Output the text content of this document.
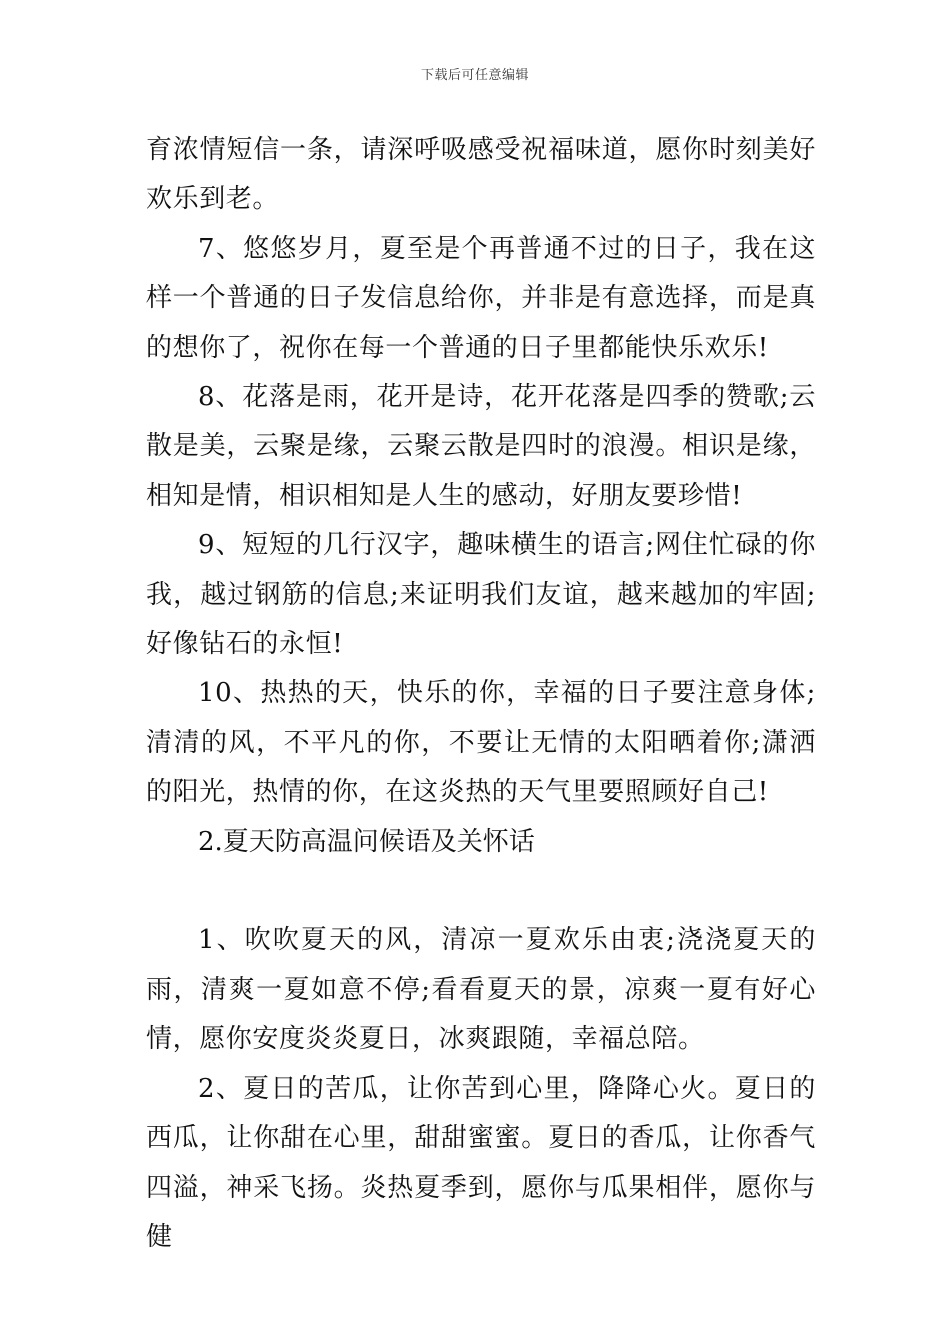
下载后可任意编辑

育浓情短信一条，请深呼吸感受祝福味道，愿你时刻美好欢乐到老。

7、悠悠岁月，夏至是个再普通不过的日子，我在这样一个普通的日子发信息给你，并非是有意选择，而是真的想你了，祝你在每一个普通的日子里都能快乐欢乐!

8、花落是雨，花开是诗，花开花落是四季的赞歌;云散是美，云聚是缘，云聚云散是四时的浪漫。相识是缘，相知是情，相识相知是人生的感动，好朋友要珍惜!

9、短短的几行汉字，趣味横生的语言;网住忙碌的你我，越过钢筋的信息;来证明我们友谊，越来越加的牢固;好像钻石的永恒!

10、热热的天，快乐的你，幸福的日子要注意身体;清清的风，不平凡的你，不要让无情的太阳晒着你;潇洒的阳光，热情的你，在这炎热的天气里要照顾好自己!

2.夏天防高温问候语及关怀话

1、吹吹夏天的风，清凉一夏欢乐由衷;浇浇夏天的雨，清爽一夏如意不停;看看夏天的景，凉爽一夏有好心情，愿你安度炎炎夏日，冰爽跟随，幸福总陪。

2、夏日的苦瓜，让你苦到心里，降降心火。夏日的西瓜，让你甜在心里，甜甜蜜蜜。夏日的香瓜，让你香气四溢，神采飞扬。炎热夏季到，愿你与瓜果相伴，愿你与健
